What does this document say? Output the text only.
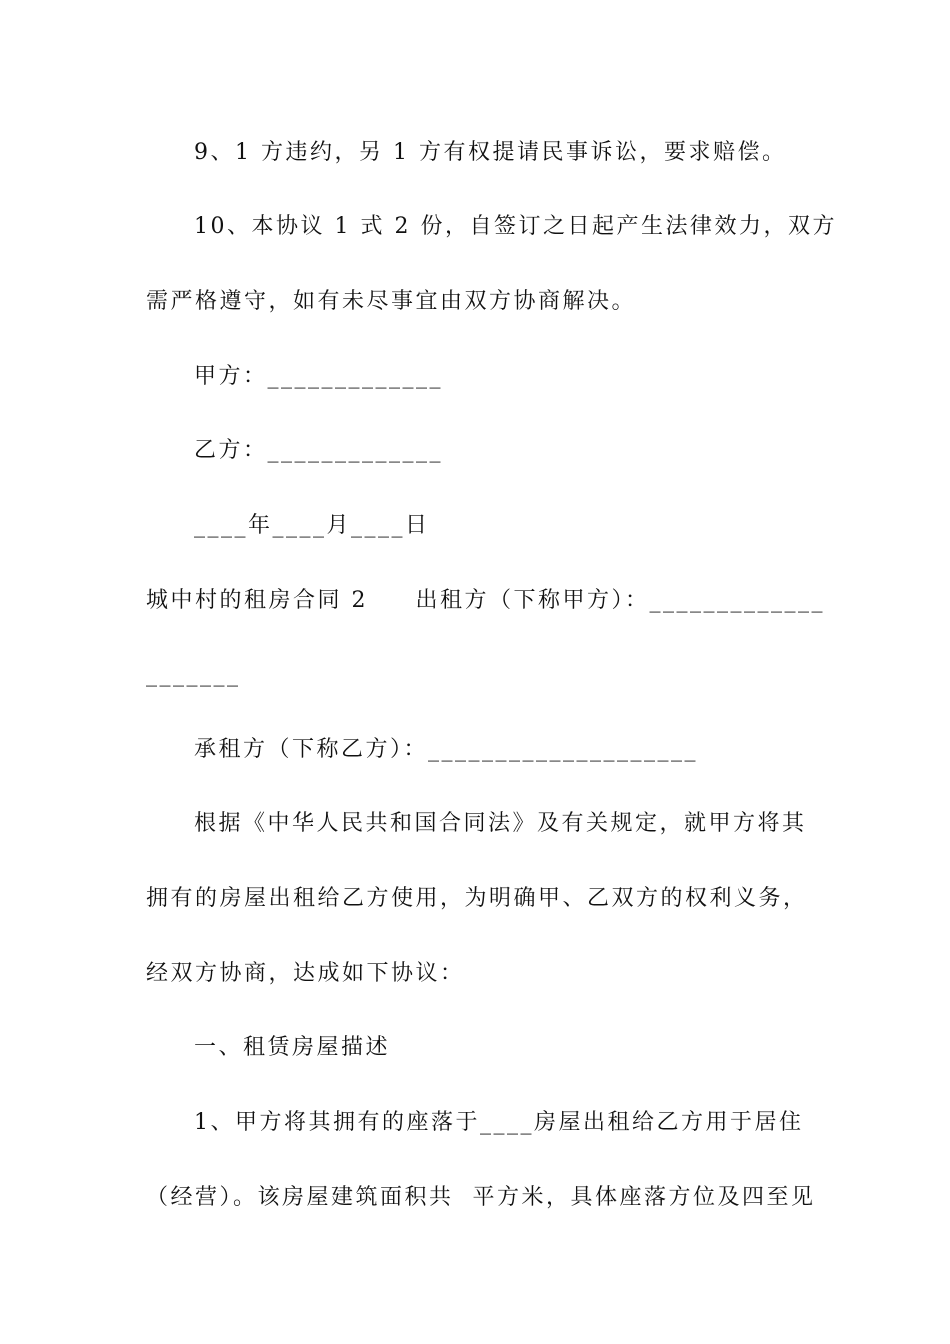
9、1 方违约，另 1 方有权提请民事诉讼，要求赔偿。
10、本协议 1 式 2 份，自签订之日起产生法律效力，双方
需严格遵守，如有未尽事宜由双方协商解决。
甲方：_____________
乙方：_____________
____年____月____日
城中村的租房合同 2     出租方（下称甲方）：_____________
_______
承租方（下称乙方）：____________________
根据《中华人民共和国合同法》及有关规定，就甲方将其
拥有的房屋出租给乙方使用，为明确甲、乙双方的权利义务，
经双方协商，达成如下协议：
一、租赁房屋描述
1、甲方将其拥有的座落于____房屋出租给乙方用于居住
（经营）。该房屋建筑面积共  平方米，具体座落方位及四至见
